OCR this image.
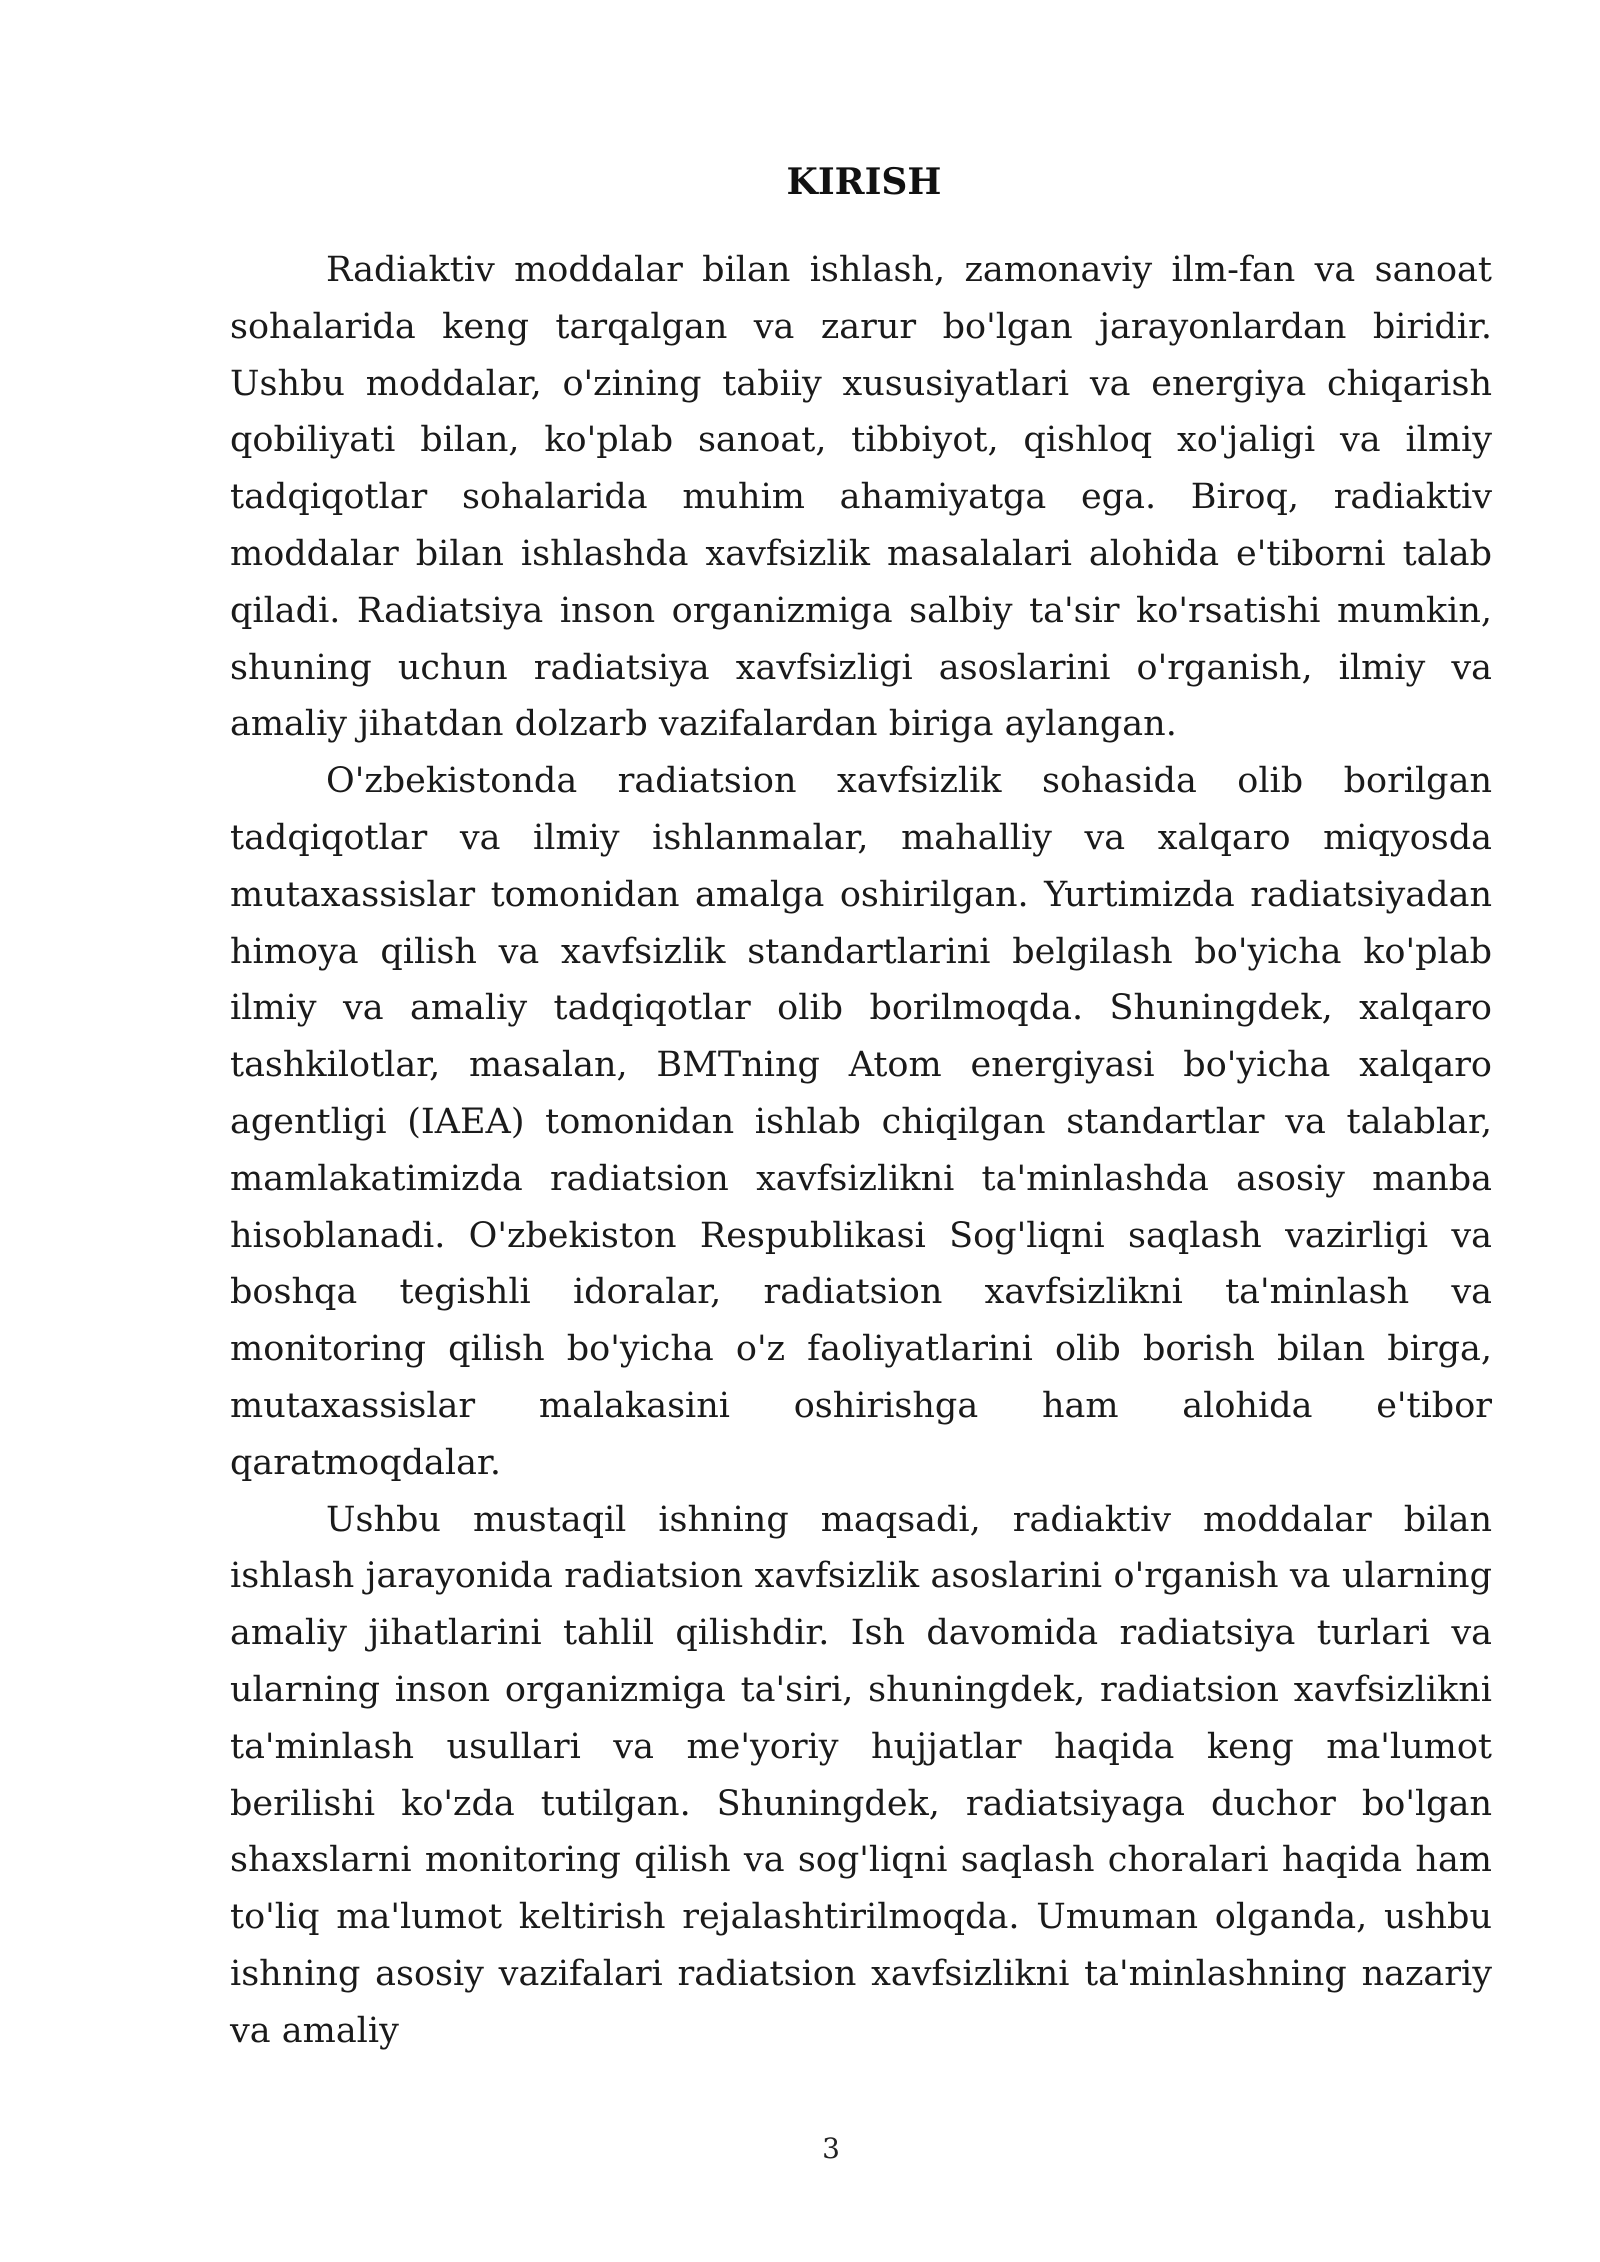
KIRISH

Radiaktiv moddalar bilan ishlash, zamonaviy ilm-fan va sanoat sohalarida keng tarqalgan va zarur bo'lgan jarayonlardan biridir. Ushbu moddalar, o'zining tabiiy xususiyatlari va energiya chiqarish qobiliyati bilan, ko'plab sanoat, tibbiyot, qishloq xo'jaligi va ilmiy tadqiqotlar sohalarida muhim ahamiyatga ega. Biroq, radiaktiv moddalar bilan ishlashda xavfsizlik masalalari alohida e'tiborni talab qiladi. Radiatsiya inson organizmiga salbiy ta'sir ko'rsatishi mumkin, shuning uchun radiatsiya xavfsizligi asoslarini o'rganish, ilmiy va amaliy jihatdan dolzarb vazifalardan biriga aylangan.

O'zbekistonda radiatsion xavfsizlik sohasida olib borilgan tadqiqotlar va ilmiy ishlanmalar, mahalliy va xalqaro miqyosda mutaxassislar tomonidan amalga oshirilgan. Yurtimizda radiatsiyadan himoya qilish va xavfsizlik standartlarini belgilash bo'yicha ko'plab ilmiy va amaliy tadqiqotlar olib borilmoqda. Shuningdek, xalqaro tashkilotlar, masalan, BMTning Atom energiyasi bo'yicha xalqaro agentligi (IAEA) tomonidan ishlab chiqilgan standartlar va talablar, mamlakatimizda radiatsion xavfsizlikni ta'minlashda asosiy manba hisoblanadi. O'zbekiston Respublikasi Sog'liqni saqlash vazirligi va boshqa tegishli idoralar, radiatsion xavfsizlikni ta'minlash va monitoring qilish bo'yicha o'z faoliyatlarini olib borish bilan birga, mutaxassislar malakasini oshirishga ham alohida e'tibor qaratmoqdalar.

Ushbu mustaqil ishning maqsadi, radiaktiv moddalar bilan ishlash jarayonida radiatsion xavfsizlik asoslarini o'rganish va ularning amaliy jihatlarini tahlil qilishdir. Ish davomida radiatsiya turlari va ularning inson organizmiga ta'siri, shuningdek, radiatsion xavfsizlikni ta'minlash usullari va me'yoriy hujjatlar haqida keng ma'lumot berilishi ko'zda tutilgan. Shuningdek, radiatsiyaga duchor bo'lgan shaxslarni monitoring qilish va sog'liqni saqlash choralari haqida ham to'liq ma'lumot keltirish rejalashtirilmoqda. Umuman olganda, ushbu ishning asosiy vazifalari radiatsion xavfsizlikni ta'minlashning nazariy va amaliy

3
